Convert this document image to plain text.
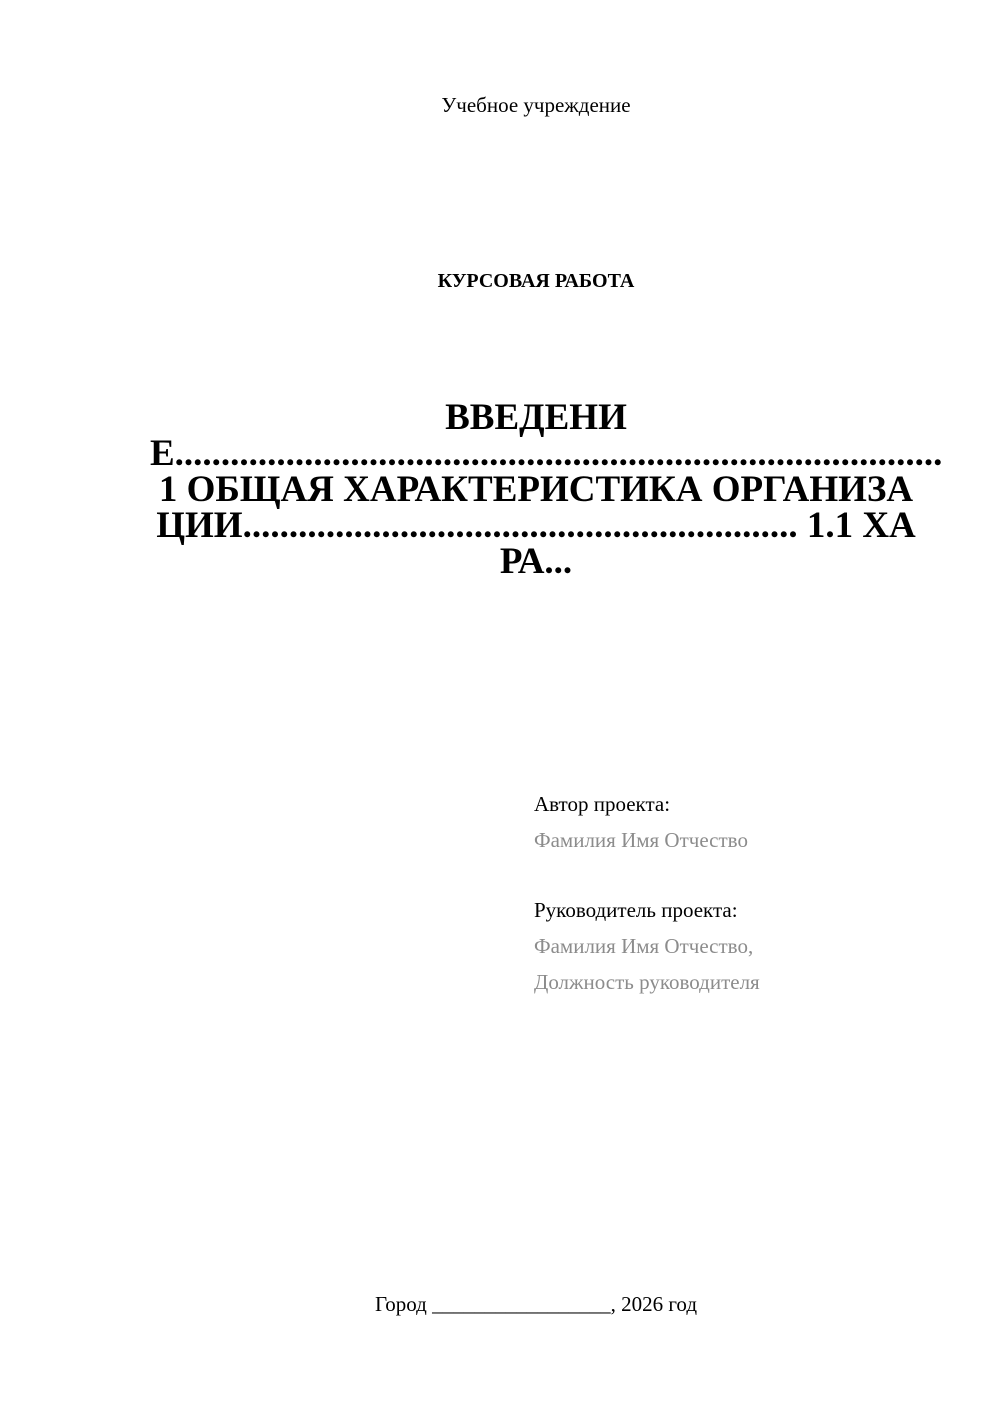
Учебное учреждение
КУРСОВАЯ РАБОТА
ВВЕДЕНИЕ................................................................................... 1 ОБЩАЯ ХАРАКТЕРИСТИКА ОРГАНИЗАЦИИ............................................................ 1.1 ХАРА...
Автор проекта:
Фамилия Имя Отчество
Руководитель проекта:
Фамилия Имя Отчество,
Должность руководителя
Город _________________, 2026 год
